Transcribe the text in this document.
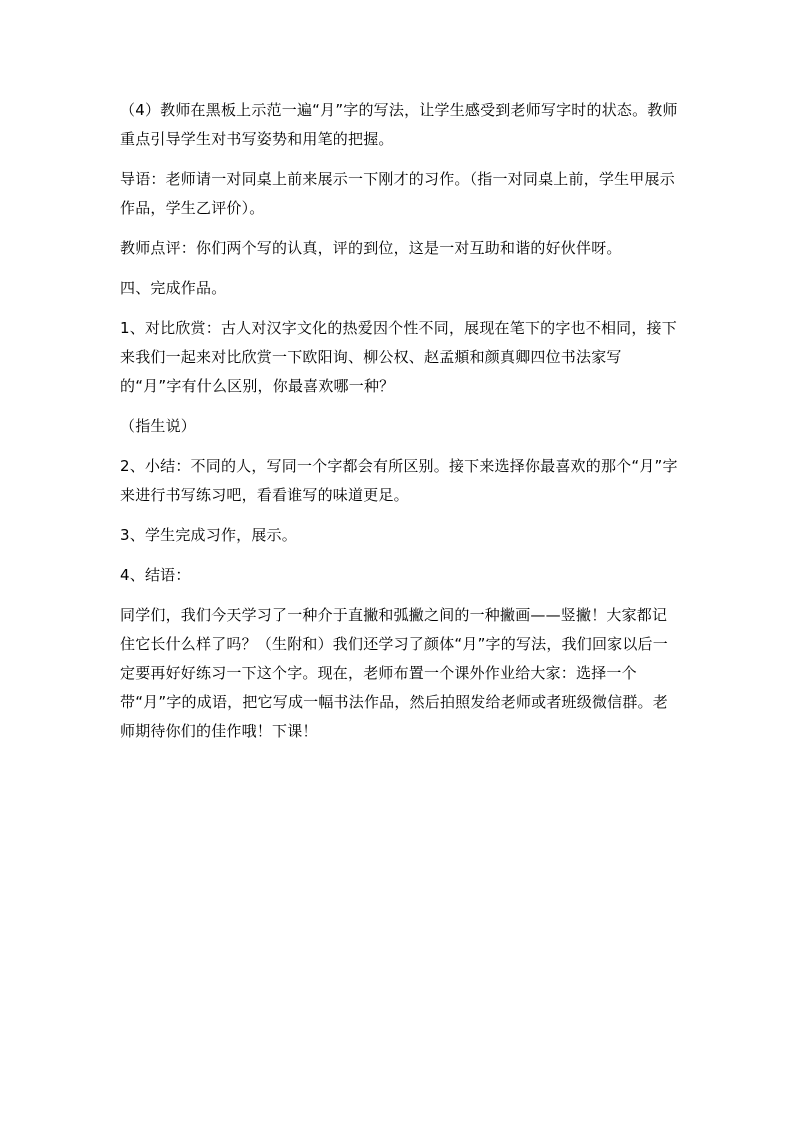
（4）教师在黑板上示范一遍“月”字的写法，让学生感受到老师写字时的状态。教师重点引导学生对书写姿势和用笔的把握。

导语：老师请一对同桌上前来展示一下刚才的习作。（指一对同桌上前，学生甲展示作品，学生乙评价）。

教师点评：你们两个写的认真，评的到位，这是一对互助和谐的好伙伴呀。

四、完成作品。

1、对比欣赏：古人对汉字文化的热爱因个性不同，展现在笔下的字也不相同，接下来我们一起来对比欣赏一下欧阳询、柳公权、赵孟頫和颜真卿四位书法家写的“月”字有什么区别，你最喜欢哪一种？

（指生说）

2、小结：不同的人，写同一个字都会有所区别。接下来选择你最喜欢的那个“月”字来进行书写练习吧，看看谁写的味道更足。

3、学生完成习作，展示。

4、结语：

同学们，我们今天学习了一种介于直撇和弧撇之间的一种撇画——竖撇！大家都记住它长什么样了吗？（生附和）我们还学习了颜体“月”字的写法，我们回家以后一定要再好好练习一下这个字。现在，老师布置一个课外作业给大家：选择一个带“月”字的成语，把它写成一幅书法作品，然后拍照发给老师或者班级微信群。老师期待你们的佳作哦！下课！
